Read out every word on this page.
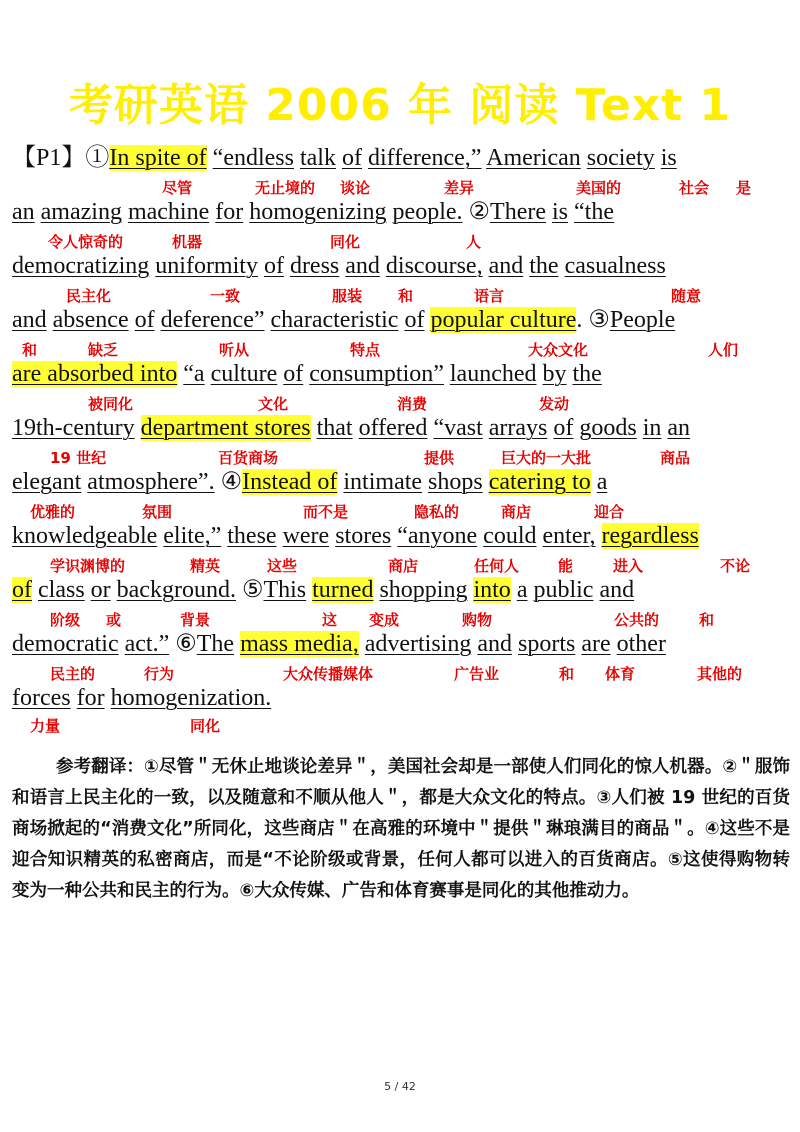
考研英语 2006 年 阅读 Text 1
【P1】①In spite of “endless talk of difference,” American society is
尽管	无止境的 谈论	差异	美国的	社会 是
an amazing machine for homogenizing people. ②There is “the
令人惊奇的	机器	同化	人
democratizing uniformity of dress and discourse, and the casualness
民主化	一致	服装 和	语言	随意
and absence of deference” characteristic of popular culture. ③People
和	缺乏	听从	特点	大众文化	人们
are absorbed into “a culture of consumption” launched by the
被同化	文化	消费	发动
19th-century department stores that offered “vast arrays of goods in an
19 世纪	百货商场	提供	巨大的一大批	商品
elegant atmosphere”. ④Instead of intimate shops catering to a
优雅的	氛围	而不是	隐私的	商店	迎合
knowledgeable elite,” these were stores “anyone could enter, regardless
学识渊博的	精英	这些	商店	任何人	能	进入	不论
of class or background. ⑤This turned shopping into a public and
阶级 或	背景	这 变成	购物	公共的	和
democratic act.” ⑥The mass media, advertising and sports are other
民主的	行为	大众传播媒体	广告业	和 体育	其他的
forces for homogenization.
力量	同化
参考翻译：①尽管＂无休止地谈论差异＂，美国社会却是一部使人们同化的惊人机器。②＂服饰和语言上民主化的一致，以及随意和不顺从他人＂，都是大众文化的特点。③人们被 19 世纪的百货商场掀起的“消费文化”所同化，这些商店＂在高雅的环境中＂提供＂琳琅满目的商品＂。④这些不是迎合知识精英的私密商店，而是“不论阶级或背景，任何人都可以进入的百货商店。⑤这使得购物转变为一种公共和民主的行为。⑥大众传媒、广告和体育赛事是同化的其他推动力。
5 / 42
